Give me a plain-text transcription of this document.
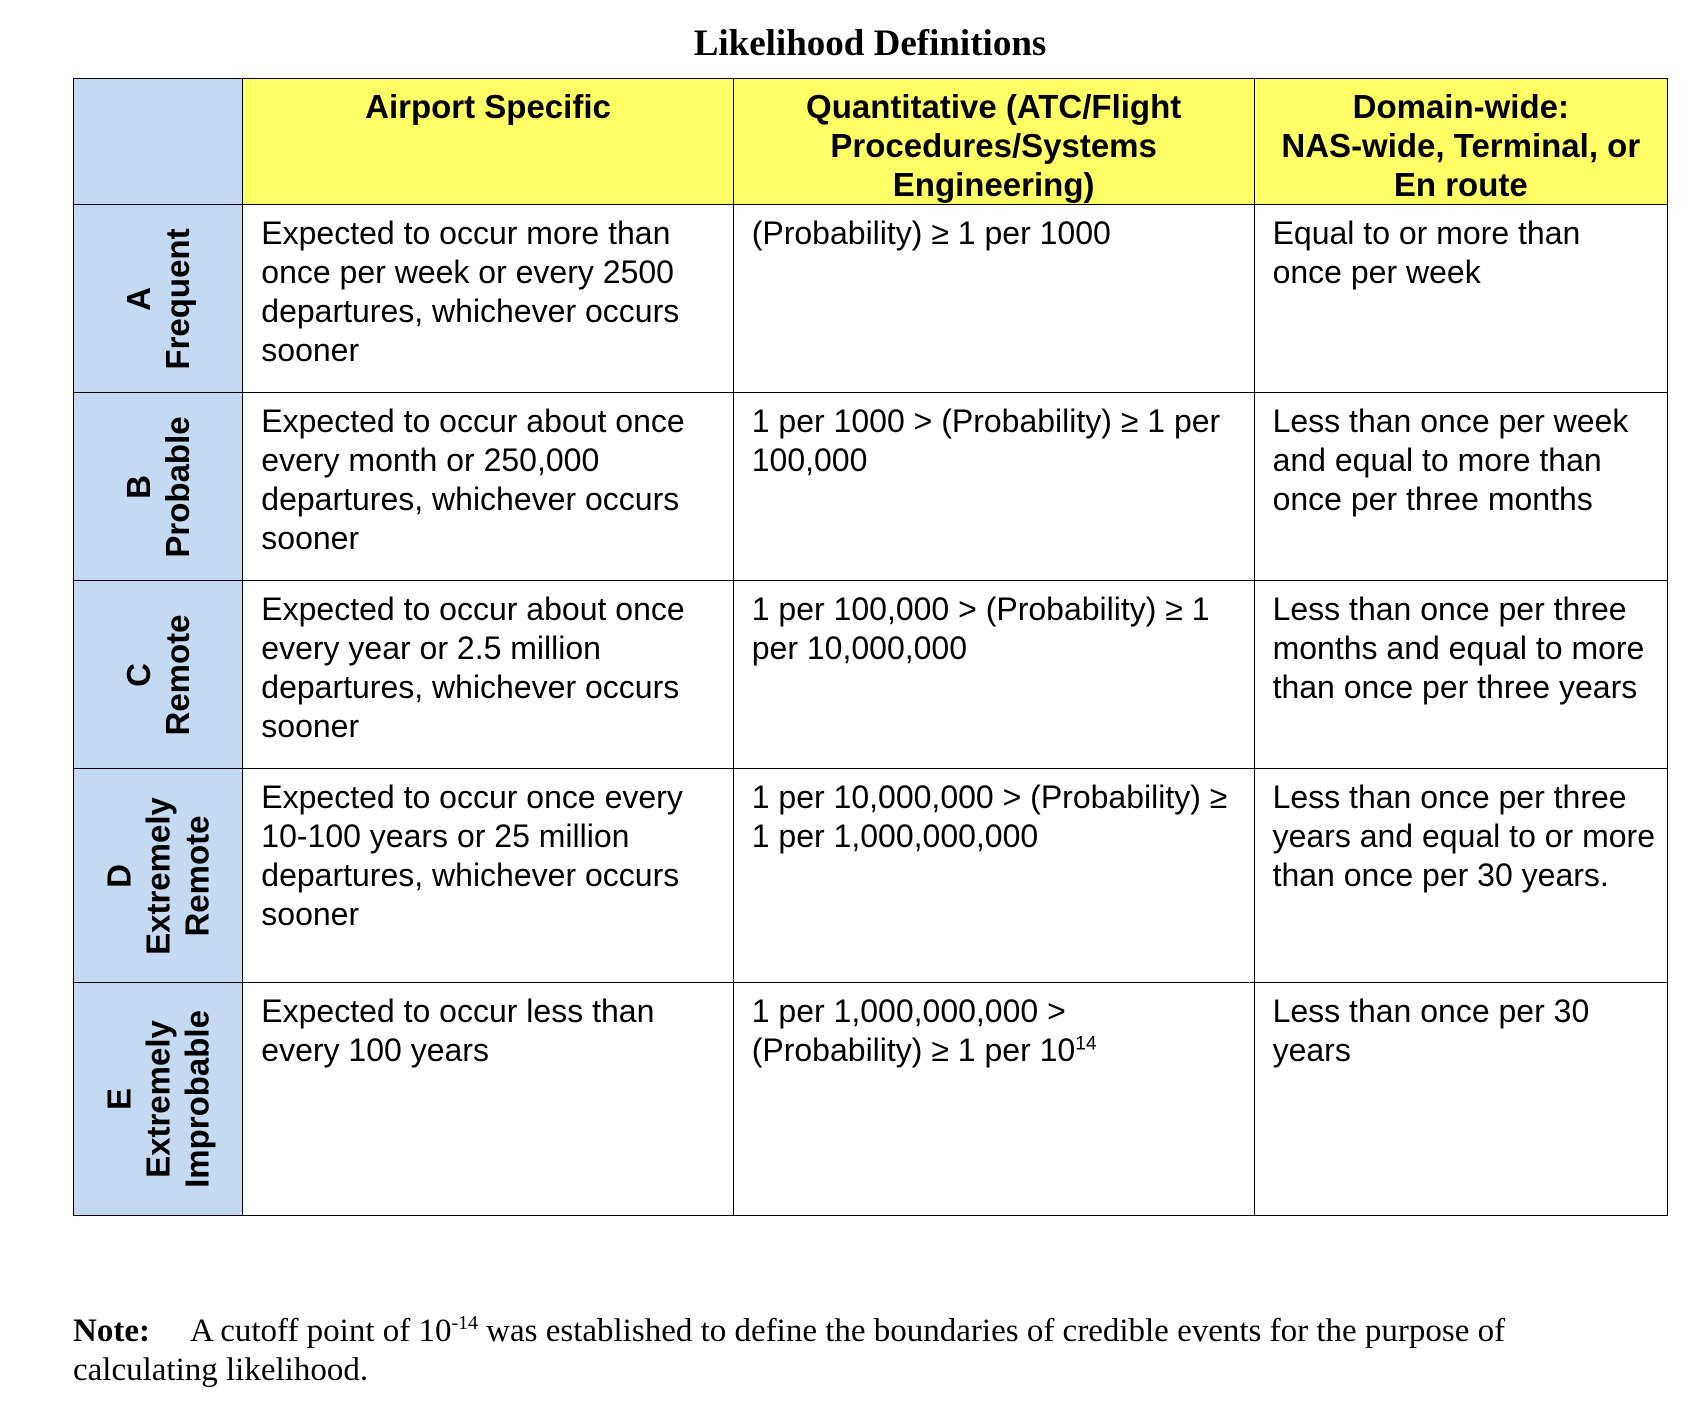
Likelihood Definitions

	Airport Specific	Quantitative (ATC/Flight
Procedures/Systems
Engineering)	Domain-wide:
NAS-wide, Terminal, or
En route

A Frequent	Expected to occur more than once per week or every 2500 departures, whichever occurs sooner	(Probability) ≥ 1 per 1000	Equal to or more than once per week

B Probable	Expected to occur about once every month or 250,000 departures, whichever occurs sooner	1 per 1000 > (Probability) ≥ 1 per 100,000	Less than once per week and equal to more than once per three months

C Remote	Expected to occur about once every year or 2.5 million departures, whichever occurs sooner	1 per 100,000 > (Probability) ≥ 1 per 10,000,000	Less than once per three months and equal to more than once per three years

D Extremely Remote	Expected to occur once every 10-100 years or 25 million departures, whichever occurs sooner	1 per 10,000,000 > (Probability) ≥ 1 per 1,000,000,000	Less than once per three years and equal to or more than once per 30 years.

E Extremely Improbable	Expected to occur less than every 100 years	1 per 1,000,000,000 > (Probability) ≥ 1 per $10^{14}$	Less than once per 30 years
Note: A cutoff point of $10^{-14}$ was established to define the boundaries of credible events for the purpose of calculating likelihood.
